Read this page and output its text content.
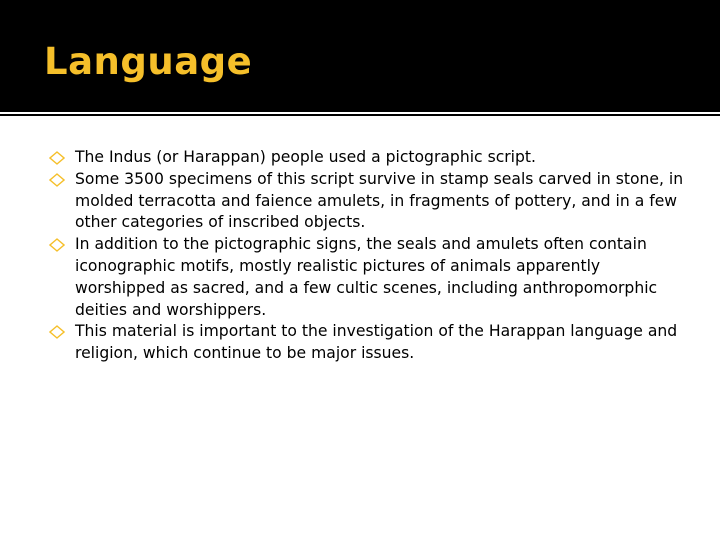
Language
The Indus (or Harappan) people used a pictographic script.
Some 3500 specimens of this script survive in stamp seals carved in stone, in molded terracotta and faience amulets, in fragments of pottery, and in a few other categories of inscribed objects.
In addition to the pictographic signs, the seals and amulets often contain iconographic motifs, mostly realistic pictures of animals apparently worshipped as sacred, and a few cultic scenes, including anthropomorphic deities and worshippers.
This material is important to the investigation of the Harappan language and religion, which continue to be major issues.
